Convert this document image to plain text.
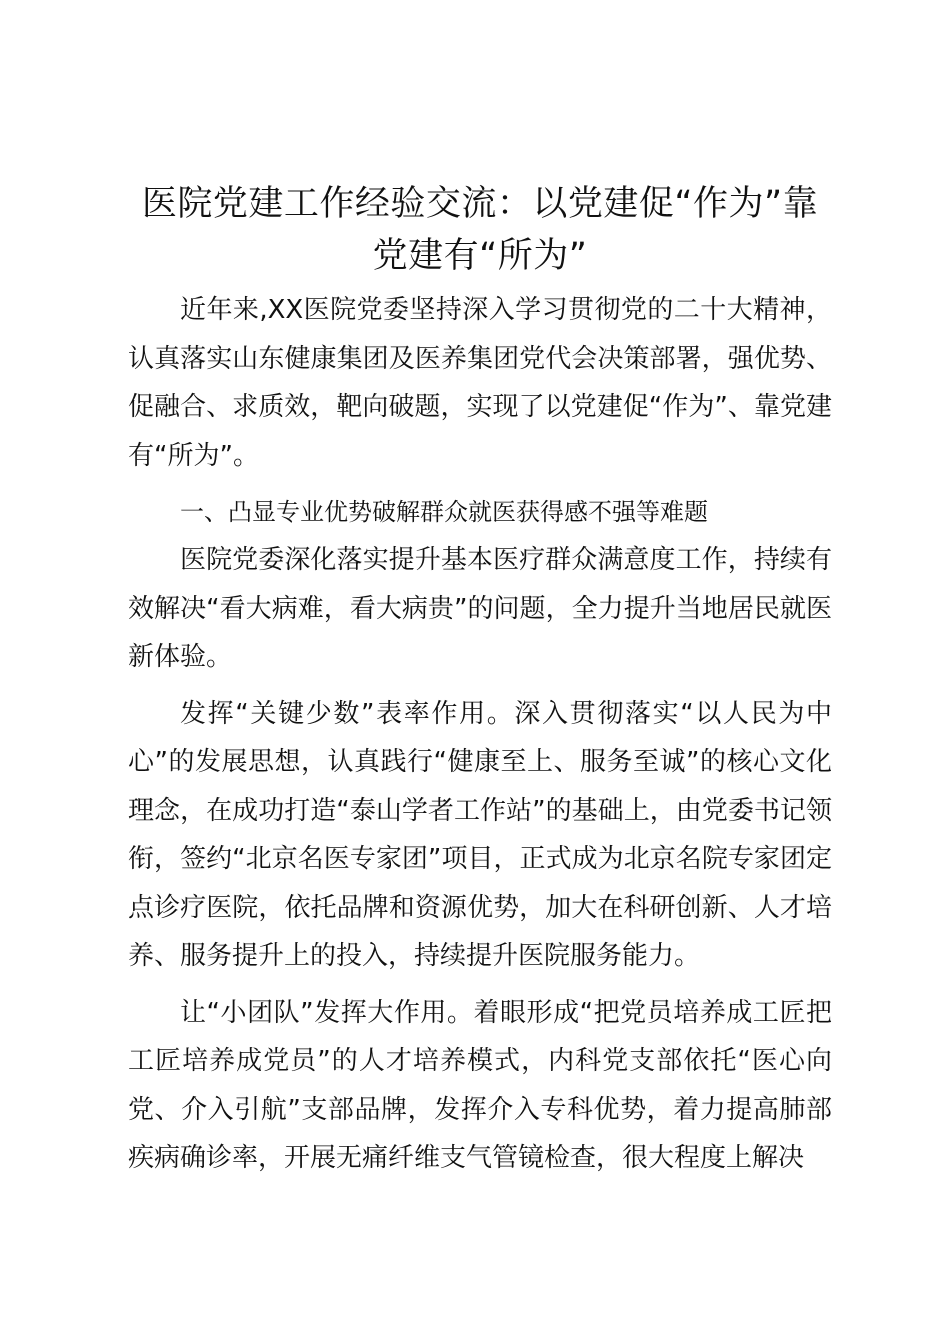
医院党建工作经验交流：以党建促“作为”靠党建有“所为”

近年来,XX医院党委坚持深入学习贯彻党的二十大精神，认真落实山东健康集团及医养集团党代会决策部署，强优势、促融合、求质效，靶向破题，实现了以党建促“作为”、靠党建有“所为”。

一、凸显专业优势破解群众就医获得感不强等难题

医院党委深化落实提升基本医疗群众满意度工作，持续有效解决“看大病难，看大病贵”的问题，全力提升当地居民就医新体验。

发挥“关键少数”表率作用。深入贯彻落实“以人民为中心”的发展思想，认真践行“健康至上、服务至诚”的核心文化理念，在成功打造“泰山学者工作站”的基础上，由党委书记领衔，签约“北京名医专家团”项目，正式成为北京名院专家团定点诊疗医院，依托品牌和资源优势，加大在科研创新、人才培养、服务提升上的投入，持续提升医院服务能力。

让“小团队”发挥大作用。着眼形成“把党员培养成工匠把工匠培养成党员”的人才培养模式，内科党支部依托“医心向党、介入引航”支部品牌，发挥介入专科优势，着力提高肺部疾病确诊率，开展无痛纤维支气管镜检查，很大程度上解决
